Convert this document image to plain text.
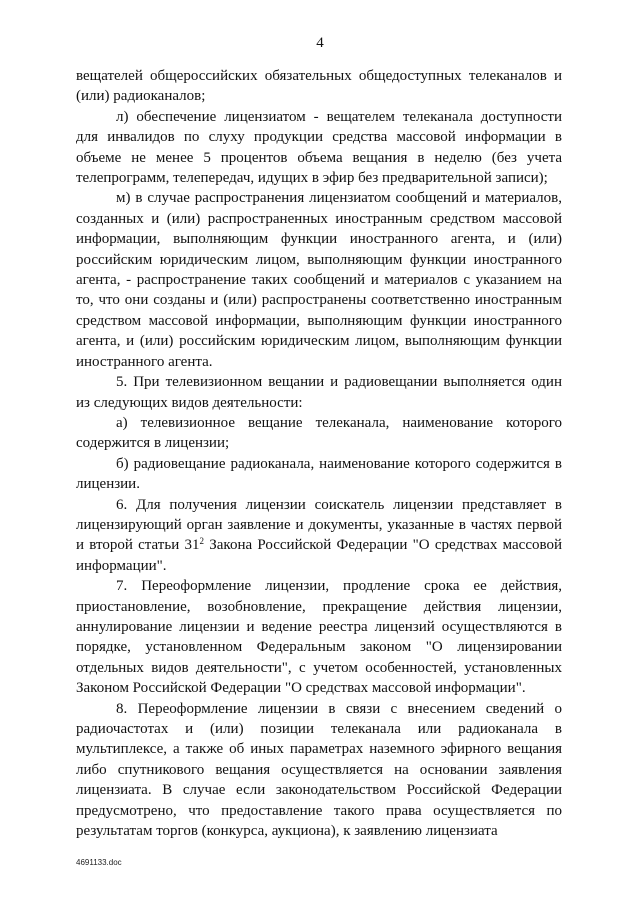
4

вещателей общероссийских обязательных общедоступных телеканалов и (или) радиоканалов;

л) обеспечение лицензиатом - вещателем телеканала доступности для инвалидов по слуху продукции средства массовой информации в объеме не менее 5 процентов объема вещания в неделю (без учета телепрограмм, телепередач, идущих в эфир без предварительной записи);

м) в случае распространения лицензиатом сообщений и материалов, созданных и (или) распространенных иностранным средством массовой информации, выполняющим функции иностранного агента, и (или) российским юридическим лицом, выполняющим функции иностранного агента, - распространение таких сообщений и материалов с указанием на то, что они созданы и (или) распространены соответственно иностранным средством массовой информации, выполняющим функции иностранного агента, и (или) российским юридическим лицом, выполняющим функции иностранного агента.

5. При телевизионном вещании и радиовещании выполняется один из следующих видов деятельности:

а) телевизионное вещание телеканала, наименование которого содержится в лицензии;

б) радиовещание радиоканала, наименование которого содержится в лицензии.

6. Для получения лицензии соискатель лицензии представляет в лицензирующий орган заявление и документы, указанные в частях первой и второй статьи $31^2$ Закона Российской Федерации "О средствах массовой информации".

7. Переоформление лицензии, продление срока ее действия, приостановление, возобновление, прекращение действия лицензии, аннулирование лицензии и ведение реестра лицензий осуществляются в порядке, установленном Федеральным законом "О лицензировании отдельных видов деятельности", с учетом особенностей, установленных Законом Российской Федерации "О средствах массовой информации".

8. Переоформление лицензии в связи с внесением сведений о радиочастотах и (или) позиции телеканала или радиоканала в мультиплексе, а также об иных параметрах наземного эфирного вещания либо спутникового вещания осуществляется на основании заявления лицензиата. В случае если законодательством Российской Федерации предусмотрено, что предоставление такого права осуществляется по результатам торгов (конкурса, аукциона), к заявлению лицензиата

4691133.doc
